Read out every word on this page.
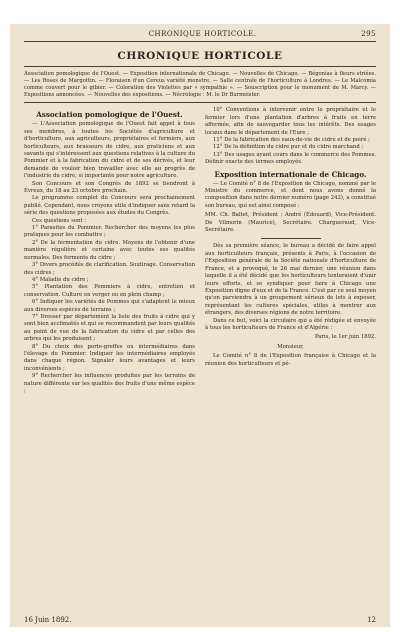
CHRONIQUE HORTICOLE.	295
CHRONIQUE HORTICOLE
Association pomologique de l'Ouest. — Exposition internationale de Chicago. — Nouvelles de Chicago. — Bégonias à fleurs striées. — Les Roses de Margottin. — Floraison d'un Cereus variété monstre. — Salle centrale de l'horticulture à Londres. — Le Malcomia comme couvert pour le gibier. — Coloration des Violettes par « sympathie ». — Souscription pour le monument de M. Marcy. — Expositions annoncées. — Nouvelles des expositions. — Nécrologie : M. le Dr Burmeister.
Association pomologique de l'Ouest.

— L'Association pomologique de l'Ouest fait appel à tous ses membres, à toutes les Sociétés d'agriculture et d'horticulture, aux agriculteurs, propriétaires et fermiers, aux horticulteurs, aux brasseurs de cidre, aux praticiens et aux savants qui s'intéressent aux questions relatives à la culture du Pommier et à la fabrication du cidre et de ses dérivés, et leur demande de vouloir bien travailler avec elle au progrès de l'industrie du cidre, si importante pour notre agriculture.

Son Concours et son Congrès de 1892 se tiendront à Évreux, du 18 au 23 octobre prochain.

Le programme complet du Concours sera prochainement publié. Cependant, nous croyons utile d'indiquer sans retard la série des questions proposées aux études du Congrès.

Ces questions sont :

1° Parasites du Pommier. Rechercher des moyens les plus pratiques pour les combattre ;

2° De la fermentation du cidre. Moyens de l'obtenir d'une manière régulière et certaine avec toutes ses qualités normales. Des ferments du cidre ;

3° Divers procédés de clarification. Soutirage. Conservation des cidres ;

4° Maladie du cidre ;

5° Plantation des Pommiers à cidre, entretien et conservation. Culture en verger ou en plein champ ;

6° Indiquer les variétés de Pommes qui s'adaptent le mieux aux diverses espèces de terrains ;

7° Dresser par département la liste des fruits à cidre qui y sont bien acclimatés et qui se recommandent par leurs qualités au point de vue de la fabrication du cidre et par celles des arbres qui les produisent ;

8° Du choix des porte-greffes ou intermédiaires dans l'élevage du Pommier. Indiquer les intermédiaires employés dans chaque région. Signaler leurs avantages et leurs inconvénients ;

9° Rechercher les influences produites par les terrains de nature différente sur les qualités des fruits d'une même espèce ;

10° Conventions à intervenir entre le propriétaire et le fermier lors d'une plantation d'arbres à fruits en terre affermée, afin de sauvegarder tous les intérêts. Des usages locaux dans le département de l'Eure ;

11° De la fabrication des eaux-de-vie de cidre et de poiré ;

12° De la définition du cidre pur et du cidre marchand ;

13° Des usages ayant cours dans le commerce des Pommes. Définir exacte des termes employés.

Exposition internationale de Chicago.

— Le Comité n° 8 de l'Exposition de Chicago, nommé par le Ministre du commerce, et dont nous avons donné la composition dans notre dernier numéro (page 242), a constitué son bureau, qui est ainsi composé :

MM. Ch. Baltet, Président ; André (Édouard), Vice-Président. De Vilmorin (Maurice), Secrétaire. Chargueraud, Vice-Secrétaire.

Dès sa première séance, le bureau a décidé de faire appel aux horticulteurs français, présents à Paris, à l'occasion de l'Exposition générale de la Société nationale d'horticulture de France, et a provoqué, le 26 mai dernier, une réunion dans laquelle il a été décidé que les horticulteurs tenteraient d'unir leurs efforts, et se syndiquer pour faire à Chicago une Exposition digne d'eux et de la France. C'est par ce seul moyen qu'on parviendra à un groupement sérieux de lots à exposer, représentant les cultures spéciales, utiles à montrer aux étrangers, des diverses régions de notre territoire.

Dans ce but, voici la circulaire qui a été rédigée et envoyée à tous les horticulteurs de France et d'Algérie :

Paris, le 1er juin 1892.

Monsieur,

Le Comité n° 8 de l'Exposition française à Chicago et la réunion des horticulteurs et pé-

16 Juin 1892.	12
